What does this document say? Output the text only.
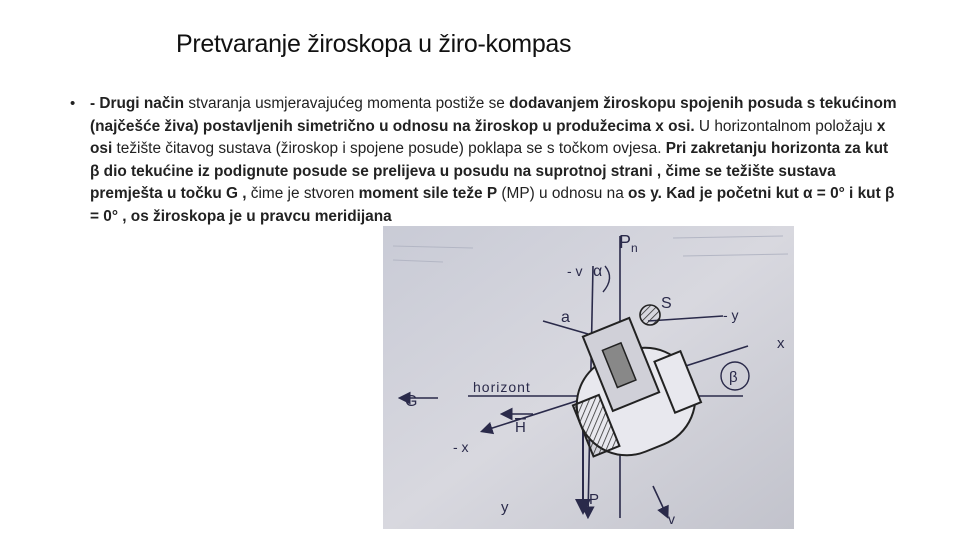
Pretvaranje žiroskopa u žiro-kompas
• - Drugi način stvaranja usmjeravajućeg momenta postiže se dodavanjem žiroskopu spojenih posuda s tekućinom (najčešće živa) postavljenih simetrično u odnosu na žiroskop u produžecima x osi. U horizontalnom položaju x osi težište čitavog sustava (žiroskop i spojene posude) poklapa se s točkom ovjesa. Pri zakretanju horizonta za kut β dio tekućine iz podignute posude se prelijeva u posudu na suprotnoj strani , čime se težište sustava premješta u točku G , čime je stvoren moment sile teže P (MP) u odnosu na os y. Kad je početni kut α = 0° i kut β = 0° , os žiroskopa je u pravcu meridijana

$P_n$
- v α
S
- y
a
x
β
horizont
G
H
- x
P
y
v
